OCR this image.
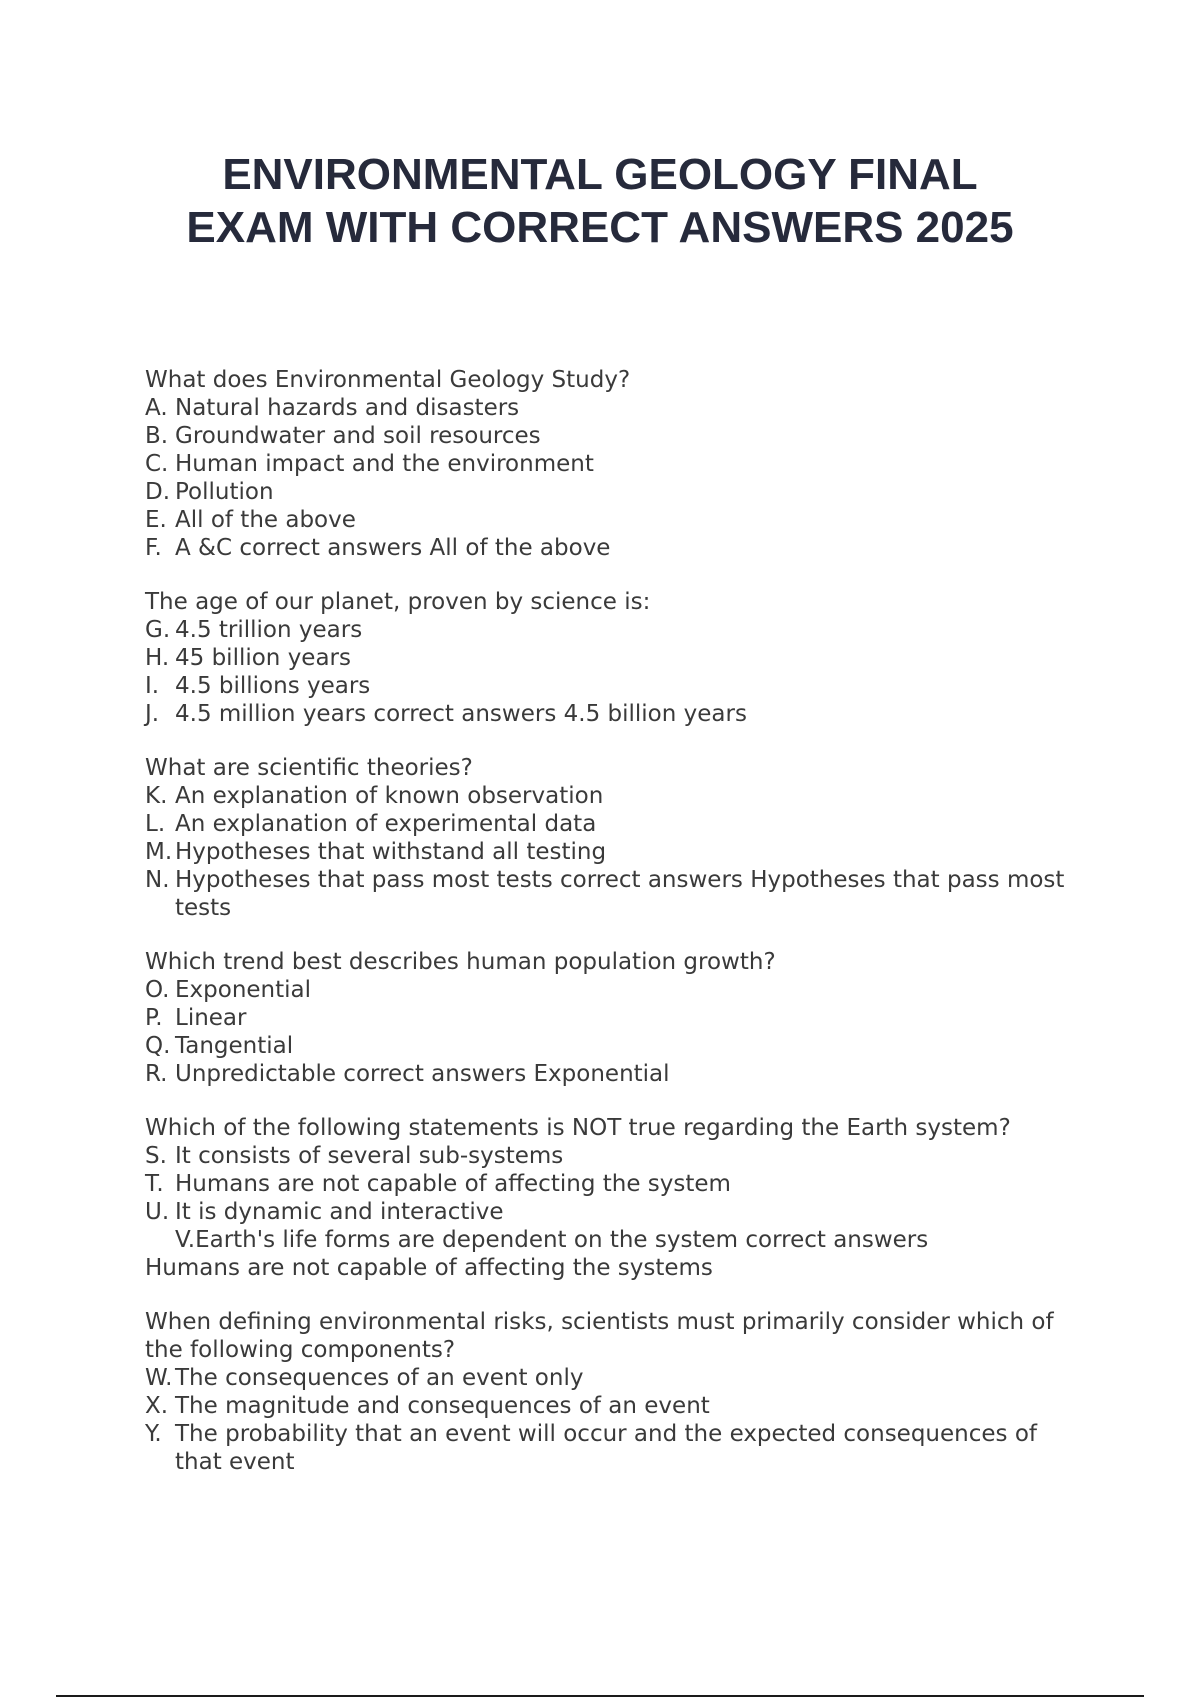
ENVIRONMENTAL GEOLOGY FINAL
EXAM WITH CORRECT ANSWERS 2025
What does Environmental Geology Study?
A. Natural hazards and disasters
B. Groundwater and soil resources
C. Human impact and the environment
D. Pollution
E. All of the above
F. A &C correct answers All of the above
The age of our planet, proven by science is:
G. 4.5 trillion years
H. 45 billion years
I. 4.5 billions years
J. 4.5 million years correct answers 4.5 billion years
What are scientific theories?
K. An explanation of known observation
L. An explanation of experimental data
M. Hypotheses that withstand all testing
N. Hypotheses that pass most tests correct answers Hypotheses that pass most tests
Which trend best describes human population growth?
O. Exponential
P. Linear
Q. Tangential
R. Unpredictable correct answers Exponential
Which of the following statements is NOT true regarding the Earth system?
S. It consists of several sub-systems
T. Humans are not capable of affecting the system
U. It is dynamic and interactive
V.Earth's life forms are dependent on the system correct answers
Humans are not capable of affecting the systems
When defining environmental risks, scientists must primarily consider which of the following components?
W. The consequences of an event only
X. The magnitude and consequences of an event
Y. The probability that an event will occur and the expected consequences of that event
